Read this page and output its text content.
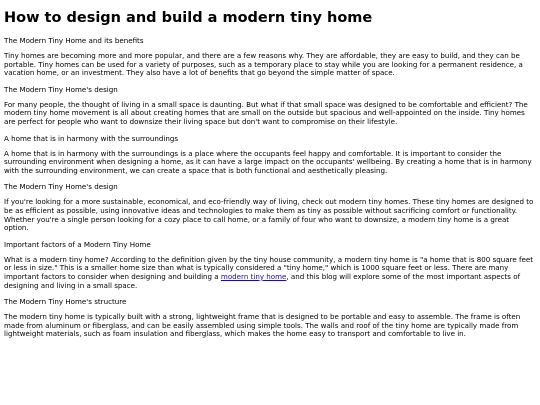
How to design and build a modern tiny home
The Modern Tiny Home and its benefits

Tiny homes are becoming more and more popular, and there are a few reasons why. They are affordable, they are easy to build, and they can be portable. Tiny homes can be used for a variety of purposes, such as a temporary place to stay while you are looking for a permanent residence, a vacation home, or an investment. They also have a lot of benefits that go beyond the simple matter of space.

The Modern Tiny Home's design

For many people, the thought of living in a small space is daunting. But what if that small space was designed to be comfortable and efficient? The modern tiny home movement is all about creating homes that are small on the outside but spacious and well-appointed on the inside. Tiny homes are perfect for people who want to downsize their living space but don't want to compromise on their lifestyle.

A home that is in harmony with the surroundings

A home that is in harmony with the surroundings is a place where the occupants feel happy and comfortable. It is important to consider the surrounding environment when designing a home, as it can have a large impact on the occupants' wellbeing. By creating a home that is in harmony with the surrounding environment, we can create a space that is both functional and aesthetically pleasing.

The Modern Tiny Home's design

If you're looking for a more sustainable, economical, and eco-friendly way of living, check out modern tiny homes. These tiny homes are designed to be as efficient as possible, using innovative ideas and technologies to make them as tiny as possible without sacrificing comfort or functionality. Whether you're a single person looking for a cozy place to call home, or a family of four who want to downsize, a modern tiny home is a great option.

Important factors of a Modern Tiny Home

What is a modern tiny home? According to the definition given by the tiny house community, a modern tiny home is "a home that is 800 square feet or less in size." This is a smaller home size than what is typically considered a "tiny home," which is 1000 square feet or less. There are many important factors to consider when designing and building a modern tiny home, and this blog will explore some of the most important aspects of designing and living in a small space.

The Modern Tiny Home's structure

The modern tiny home is typically built with a strong, lightweight frame that is designed to be portable and easy to assemble. The frame is often made from aluminum or fiberglass, and can be easily assembled using simple tools. The walls and roof of the tiny home are typically made from lightweight materials, such as foam insulation and fiberglass, which makes the home easy to transport and comfortable to live in.
